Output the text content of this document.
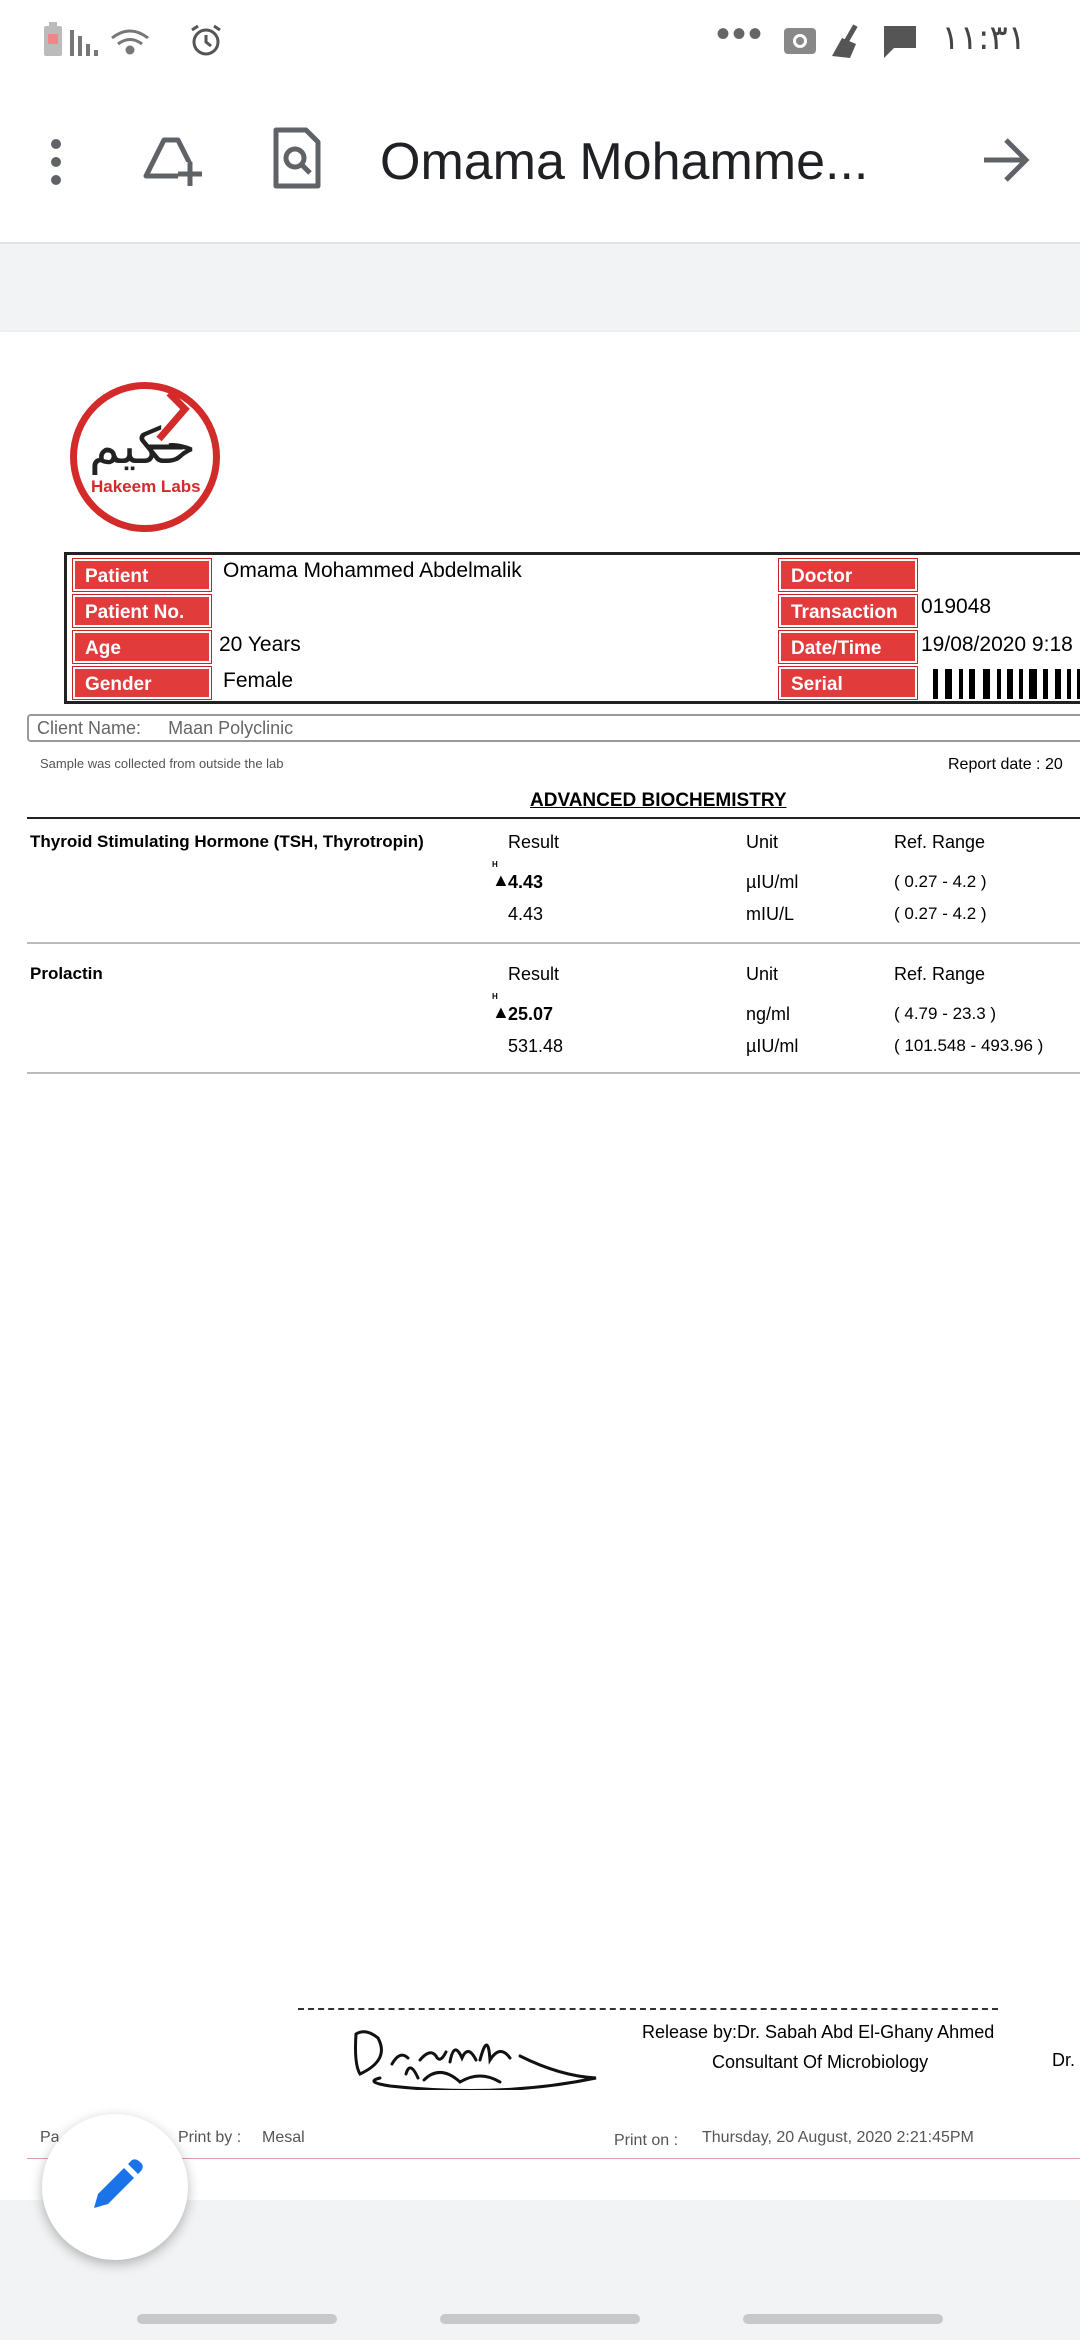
•••	١١:٣١
Omama Mohamme...
حكيم
Hakeem Labs
Patient	Omama Mohammed Abdelmalik
Patient No.
Age	20 Years
Gender	Female
Doctor
Transaction	019048
Date/Time	19/08/2020 9:18
Serial
Client Name: Maan Polyclinic
Sample was collected from outside the lab	Report date : 20
ADVANCED BIOCHEMISTRY
Thyroid Stimulating Hormone (TSH, Thyrotropin)	Result	Unit	Ref. Range
H
▲
4.43	µIU/ml	( 0.27 - 4.2 )
4.43	mIU/L	( 0.27 - 4.2 )
Prolactin	Result	Unit	Ref. Range
H
▲
25.07	ng/ml	( 4.79 - 23.3 )
531.48	µIU/ml	( 101.548 - 493.96 )
Release by:Dr. Sabah Abd El-Ghany Ahmed
Consultant Of Microbiology	Dr.
Pa	Print by : Mesal	Print on : Thursday, 20 August, 2020 2:21:45PM
